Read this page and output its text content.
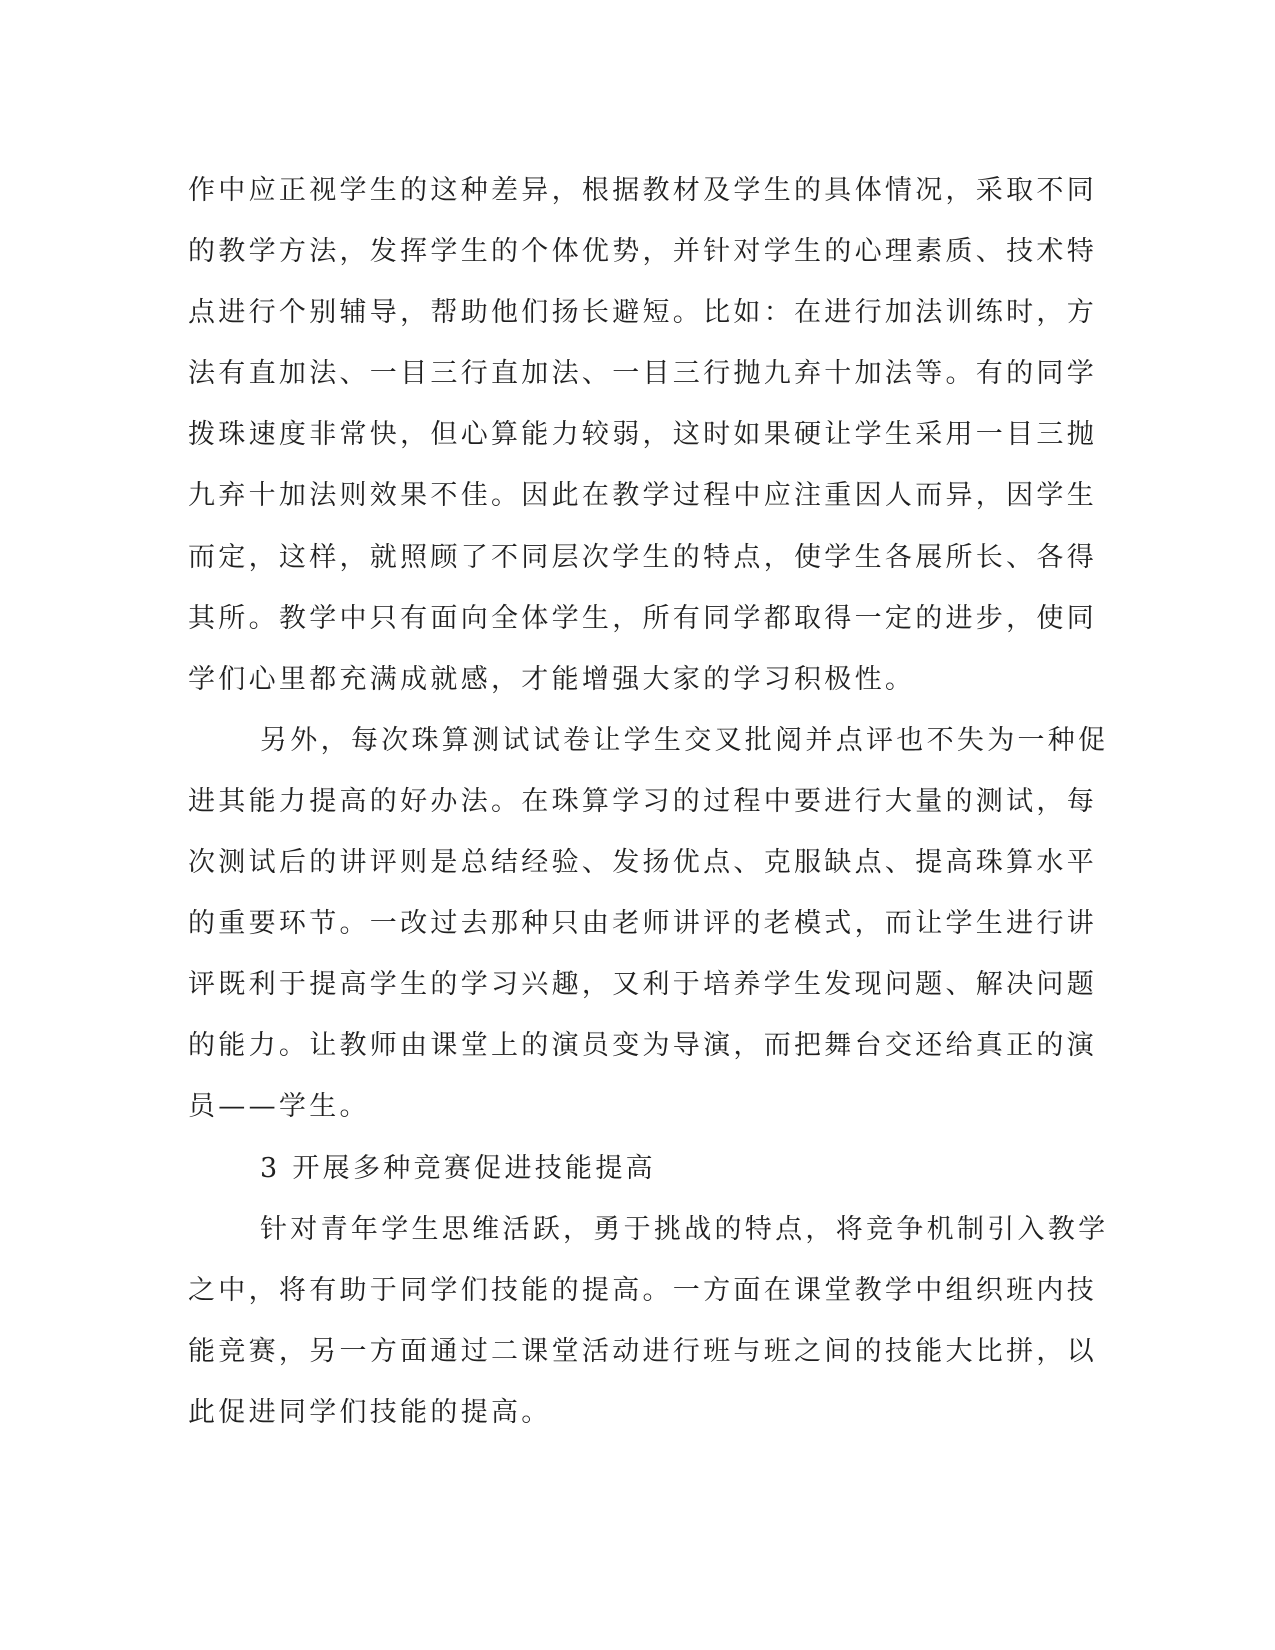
作中应正视学生的这种差异，根据教材及学生的具体情况，采取不同
的教学方法，发挥学生的个体优势，并针对学生的心理素质、技术特
点进行个别辅导，帮助他们扬长避短。比如：在进行加法训练时，方
法有直加法、一目三行直加法、一目三行抛九弃十加法等。有的同学
拨珠速度非常快，但心算能力较弱，这时如果硬让学生采用一目三抛
九弃十加法则效果不佳。因此在教学过程中应注重因人而异，因学生
而定，这样，就照顾了不同层次学生的特点，使学生各展所长、各得
其所。教学中只有面向全体学生，所有同学都取得一定的进步，使同
学们心里都充满成就感，才能增强大家的学习积极性。
另外，每次珠算测试试卷让学生交叉批阅并点评也不失为一种促
进其能力提高的好办法。在珠算学习的过程中要进行大量的测试，每
次测试后的讲评则是总结经验、发扬优点、克服缺点、提高珠算水平
的重要环节。一改过去那种只由老师讲评的老模式，而让学生进行讲
评既利于提高学生的学习兴趣，又利于培养学生发现问题、解决问题
的能力。让教师由课堂上的演员变为导演，而把舞台交还给真正的演
员——学生。
3 开展多种竞赛促进技能提高
针对青年学生思维活跃，勇于挑战的特点，将竞争机制引入教学
之中，将有助于同学们技能的提高。一方面在课堂教学中组织班内技
能竞赛，另一方面通过二课堂活动进行班与班之间的技能大比拼，以
此促进同学们技能的提高。
